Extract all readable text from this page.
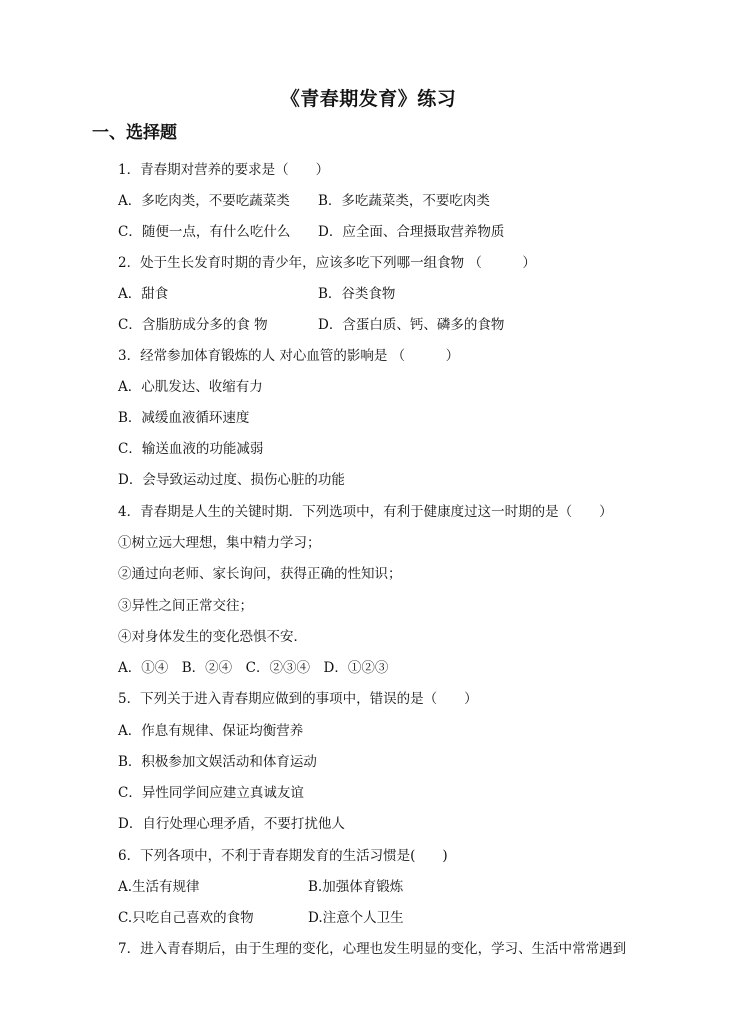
《青春期发育》练习
一、选择题
1．青春期对营养的要求是（　　）
A．多吃肉类，不要吃蔬菜类 B．多吃蔬菜类，不要吃肉类
C．随便一点，有什么吃什么 D．应全面、合理摄取营养物质
2．处于生长发育时期的青少年，应该多吃下列哪一组食物 （　　　）
A．甜食	B．谷类食物
C．含脂肪成分多的食 物	D．含蛋白质、钙、磷多的食物
3．经常参加体育锻炼的人 对心血管的影响是 （　　　）
A．心肌发达、收缩有力
B．减缓血液循环速度
C．输送血液的功能减弱
D．会导致运动过度、损伤心脏的功能
4．青春期是人生的关键时期．下列选项中，有利于健康度过这一时期的是（　　）
①树立远大理想，集中精力学习；
②通过向老师、家长询问，获得正确的性知识；
③异性之间正常交往；
④对身体发生的变化恐惧不安．
A．①④　B．②④　C．②③④　D．①②③
5．下列关于进入青春期应做到的事项中，错误的是（　　）
A．作息有规律、保证均衡营养
B．积极参加文娱活动和体育运动
C．异性同学间应建立真诚友谊
D．自行处理心理矛盾，不要打扰他人
6．下列各项中，不利于青春期发育的生活习惯是(　　)
A.生活有规律	B.加强体育锻炼
C.只吃自己喜欢的食物	D.注意个人卫生
7．进入青春期后，由于生理的变化，心理也发生明显的变化，学习、生活中常常遇到
